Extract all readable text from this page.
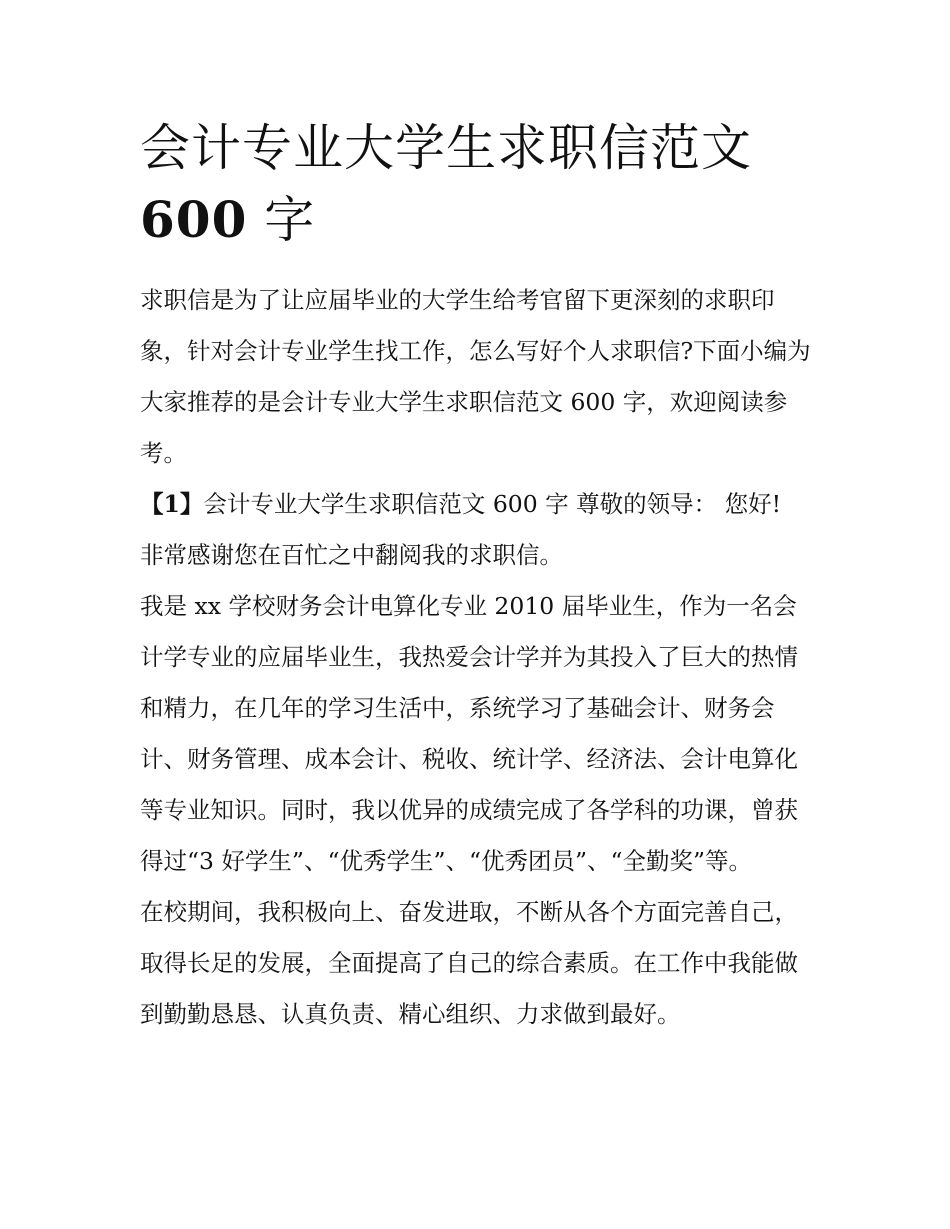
会计专业大学生求职信范文
600 字

求职信是为了让应届毕业的大学生给考官留下更深刻的求职印象，针对会计专业学生找工作，怎么写好个人求职信?下面小编为大家推荐的是会计专业大学生求职信范文 600 字，欢迎阅读参考。

【1】会计专业大学生求职信范文 600 字 尊敬的领导： 您好!

非常感谢您在百忙之中翻阅我的求职信。

我是 xx 学校财务会计电算化专业 2010 届毕业生，作为一名会计学专业的应届毕业生，我热爱会计学并为其投入了巨大的热情和精力，在几年的学习生活中，系统学习了基础会计、财务会计、财务管理、成本会计、税收、统计学、经济法、会计电算化等专业知识。同时，我以优异的成绩完成了各学科的功课，曾获得过“3 好学生”、“优秀学生”、“优秀团员”、“全勤奖”等。

在校期间，我积极向上、奋发进取，不断从各个方面完善自己，取得长足的发展，全面提高了自己的综合素质。在工作中我能做到勤勤恳恳、认真负责、精心组织、力求做到最好。
